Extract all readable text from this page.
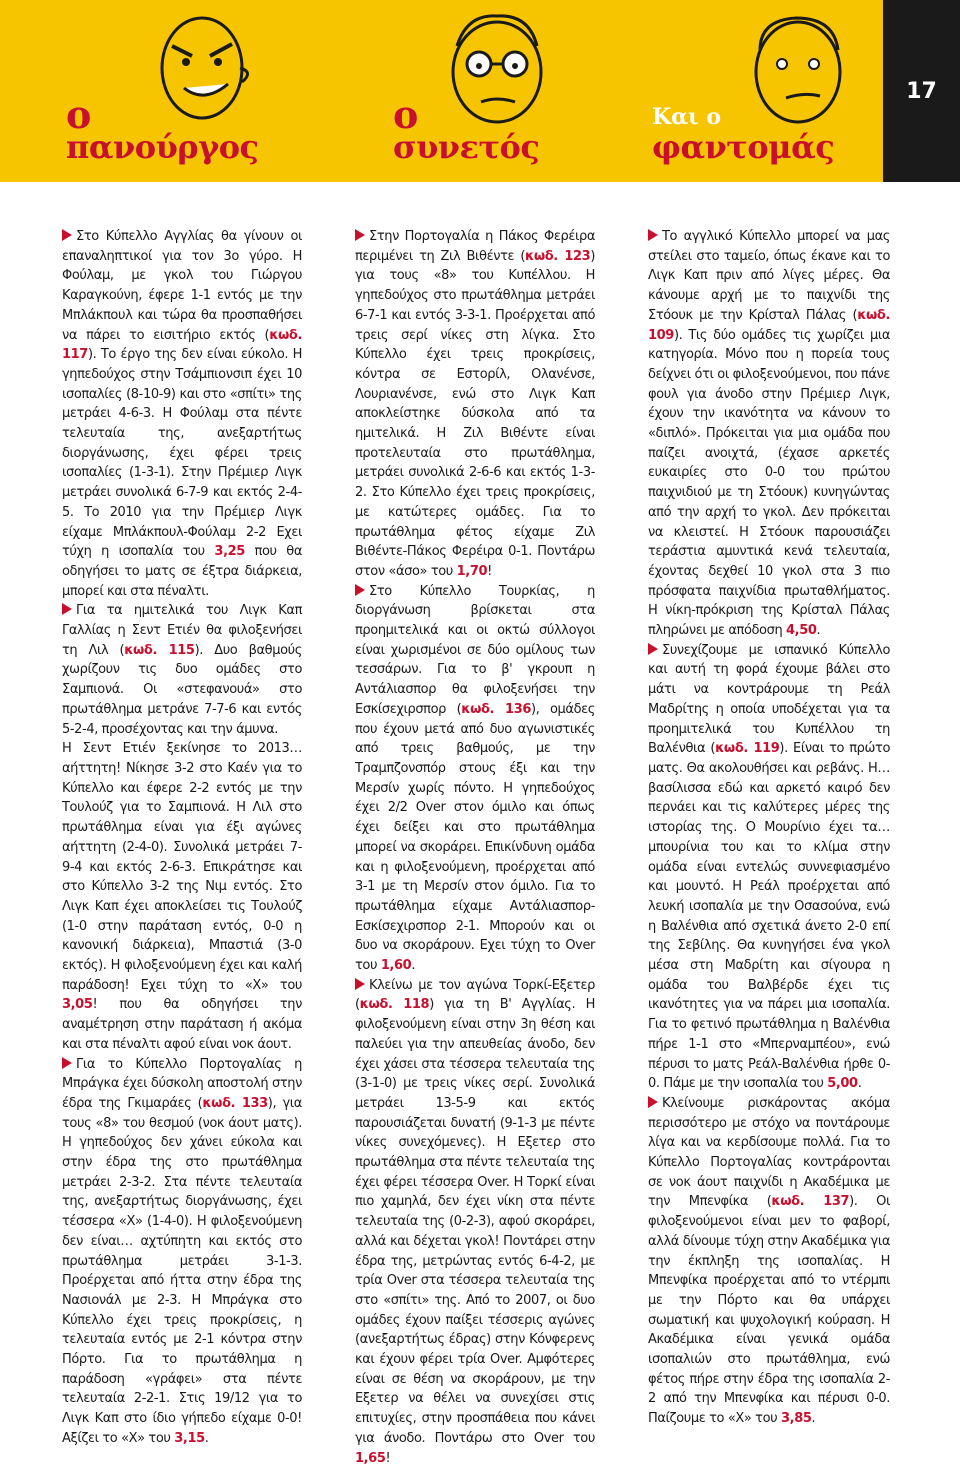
ο
πανούργος
ο
συνετός
Και ο
φαντομάς
17

Στο Κύπελλο Αγγλίας θα γίνουν οι επαναληπτικοί για τον 3ο γύρο. Η Φούλαμ, με γκολ του Γιώργου Καραγκούνη, έφερε 1-1 εντός με την Μπλάκπουλ και τώρα θα προσπαθήσει να πάρει το εισιτήριο εκτός (κωδ. 117). Το έργο της δεν είναι εύκολο. Η γηπεδούχος στην Τσάμπιονσιπ έχει 10 ισοπαλίες (8-10-9) και στο «σπίτι» της μετράει 4-6-3. Η Φούλαμ στα πέντε τελευταία της, ανεξαρτήτως διοργάνωσης, έχει φέρει τρεις ισοπαλίες (1-3-1). Στην Πρέμιερ Λιγκ μετράει συνολικά 6-7-9 και εκτός 2-4-5. Το 2010 για την Πρέμιερ Λιγκ είχαμε Μπλάκπουλ-Φούλαμ 2-2 Εχει τύχη η ισοπαλία του 3,25 που θα οδηγήσει το ματς σε έξτρα διάρκεια, μπορεί και στα πέναλτι.

Για τα ημιτελικά του Λιγκ Καπ Γαλλίας η Σεντ Ετιέν θα φιλοξενήσει τη Λιλ (κωδ. 115). Δυο βαθμούς χωρίζουν τις δυο ομάδες στο Σαμπιονά. Οι «στεφανουά» στο πρωτάθλημα μετράνε 7-7-6 και εντός 5-2-4, προσέχοντας και την άμυνα.

Η Σεντ Ετιέν ξεκίνησε το 2013… αήττητη! Νίκησε 3-2 στο Καέν για το Κύπελλο και έφερε 2-2 εντός με την Τουλούζ για το Σαμπιονά. Η Λιλ στο πρωτάθλημα είναι για έξι αγώνες αήττητη (2-4-0). Συνολικά μετράει 7-9-4 και εκτός 2-6-3. Επικράτησε και στο Κύπελλο 3-2 της Νιμ εντός. Στο Λιγκ Καπ έχει αποκλείσει τις Τουλούζ (1-0 στην παράταση εντός, 0-0 η κανονική διάρκεια), Μπαστιά (3-0 εκτός). Η φιλοξενούμενη έχει και καλή παράδοση! Εχει τύχη το «Χ» του 3,05! που θα οδηγήσει την αναμέτρηση στην παράταση ή ακόμα και στα πέναλτι αφού είναι νοκ άουτ.

Για το Κύπελλο Πορτογαλίας η Μπράγκα έχει δύσκολη αποστολή στην έδρα της Γκιμαράες (κωδ. 133), για τους «8» του θεσμού (νοκ άουτ ματς). Η γηπεδούχος δεν χάνει εύκολα και στην έδρα της στο πρωτάθλημα μετράει 2-3-2. Στα πέντε τελευταία της, ανεξαρτήτως διοργάνωσης, έχει τέσσερα «Χ» (1-4-0). Η φιλοξενούμενη δεν είναι… αχτύπητη και εκτός στο πρωτάθλημα μετράει 3-1-3. Προέρχεται από ήττα στην έδρα της Νασιονάλ με 2-3. Η Μπράγκα στο Κύπελλο έχει τρεις προκρίσεις, η τελευταία εντός με 2-1 κόντρα στην Πόρτο. Για το πρωτάθλημα η παράδοση «γράφει» στα πέντε τελευταία 2-2-1. Στις 19/12 για το Λιγκ Καπ στο ίδιο γήπεδο είχαμε 0-0! Αξίζει το «Χ» του 3,15.

Στην Πορτογαλία η Πάκος Φερέιρα περιμένει τη Ζιλ Βιθέντε (κωδ. 123) για τους «8» του Κυπέλλου. Η γηπεδούχος στο πρωτάθλημα μετράει 6-7-1 και εντός 3-3-1. Προέρχεται από τρεις σερί νίκες στη λίγκα. Στο Κύπελλο έχει τρεις προκρίσεις, κόντρα σε Εστορίλ, Ολανένσε, Λουριανένσε, ενώ στο Λιγκ Καπ αποκλείστηκε δύσκολα από τα ημιτελικά. Η Ζιλ Βιθέντε είναι προτελευταία στο πρωτάθλημα, μετράει συνολικά 2-6-6 και εκτός 1-3-2. Στο Κύπελλο έχει τρεις προκρίσεις, με κατώτερες ομάδες. Για το πρωτάθλημα φέτος είχαμε Ζιλ Βιθέντε-Πάκος Φερέιρα 0-1. Ποντάρω στον «άσο» του 1,70!

Στο Κύπελλο Τουρκίας, η διοργάνωση βρίσκεται στα προημιτελικά και οι οκτώ σύλλογοι είναι χωρισμένοι σε δύο ομίλους των τεσσάρων. Για το β' γκρουπ η Αντάλιασπορ θα φιλοξενήσει την Εσκίσεχιρσπορ (κωδ. 136), ομάδες που έχουν μετά από δυο αγωνιστικές από τρεις βαθμούς, με την Τραμπζονσπόρ στους έξι και την Μερσίν χωρίς πόντο. Η γηπεδούχος έχει 2/2 Over στον όμιλο και όπως έχει δείξει και στο πρωτάθλημα μπορεί να σκοράρει. Επικίνδυνη ομάδα και η φιλοξενούμενη, προέρχεται από 3-1 με τη Μερσίν στον όμιλο. Για το πρωτάθλημα είχαμε Αντάλιασπορ-Εσκίσεχιρσπορ 2-1. Μπορούν και οι δυο να σκοράρουν. Εχει τύχη το Over του 1,60.

Κλείνω με τον αγώνα Τορκί-Εξετερ (κωδ. 118) για τη Β' Αγγλίας. Η φιλοξενούμενη είναι στην 3η θέση και παλεύει για την απευθείας άνοδο, δεν έχει χάσει στα τέσσερα τελευταία της (3-1-0) με τρεις νίκες σερί. Συνολικά μετράει 13-5-9 και εκτός παρουσιάζεται δυνατή (9-1-3 με πέντε νίκες συνεχόμενες). Η Εξετερ στο πρωτάθλημα στα πέντε τελευταία της έχει φέρει τέσσερα Over. Η Τορκί είναι πιο χαμηλά, δεν έχει νίκη στα πέντε τελευταία της (0-2-3), αφού σκοράρει, αλλά και δέχεται γκολ! Ποντάρει στην έδρα της, μετρώντας εντός 6-4-2, με τρία Over στα τέσσερα τελευταία της στο «σπίτι» της. Από το 2007, οι δυο ομάδες έχουν παίξει τέσσερις αγώνες (ανεξαρτήτως έδρας) στην Κόνφερενς και έχουν φέρει τρία Over. Αμφότερες είναι σε θέση να σκοράρουν, με την Εξετερ να θέλει να συνεχίσει στις επιτυχίες, στην προσπάθεια που κάνει για άνοδο. Ποντάρω στο Over του 1,65!

Το αγγλικό Κύπελλο μπορεί να μας στείλει στο ταμείο, όπως έκανε και το Λιγκ Καπ πριν από λίγες μέρες. Θα κάνουμε αρχή με το παιχνίδι της Στόουκ με την Κρίσταλ Πάλας (κωδ. 109). Τις δύο ομάδες τις χωρίζει μια κατηγορία. Μόνο που η πορεία τους δείχνει ότι οι φιλοξενούμενοι, που πάνε φουλ για άνοδο στην Πρέμιερ Λιγκ, έχουν την ικανότητα να κάνουν το «διπλό». Πρόκειται για μια ομάδα που παίζει ανοιχτά, (έχασε αρκετές ευκαιρίες στο 0-0 του πρώτου παιχνιδιού με τη Στόουκ) κυνηγώντας από την αρχή το γκολ. Δεν πρόκειται να κλειστεί. Η Στόουκ παρουσιάζει τεράστια αμυντικά κενά τελευταία, έχοντας δεχθεί 10 γκολ στα 3 πιο πρόσφατα παιχνίδια πρωταθλήματος. Η νίκη-πρόκριση της Κρίσταλ Πάλας πληρώνει με απόδοση 4,50.

Συνεχίζουμε με ισπανικό Κύπελλο και αυτή τη φορά έχουμε βάλει στο μάτι να κοντράρουμε τη Ρεάλ Μαδρίτης η οποία υποδέχεται για τα προημιτελικά του Κυπέλλου τη Βαλένθια (κωδ. 119). Είναι το πρώτο ματς. Θα ακολουθήσει και ρεβάνς. Η… βασίλισσα εδώ και αρκετό καιρό δεν περνάει και τις καλύτερες μέρες της ιστορίας της. Ο Μουρίνιο έχει τα… μπουρίνια του και το κλίμα στην ομάδα είναι εντελώς συννεφιασμένο και μουντό. Η Ρεάλ προέρχεται από λευκή ισοπαλία με την Οσασούνα, ενώ η Βαλένθια από σχετικά άνετο 2-0 επί της Σεβίλης. Θα κυνηγήσει ένα γκολ μέσα στη Μαδρίτη και σίγουρα η ομάδα του Βαλβέρδε έχει τις ικανότητες για να πάρει μια ισοπαλία. Για το φετινό πρωτάθλημα η Βαλένθια πήρε 1-1 στο «Μπερναμπέου», ενώ πέρυσι το ματς Ρεάλ-Βαλένθια ήρθε 0-0. Πάμε με την ισοπαλία του 5,00.

Κλείνουμε ρισκάροντας ακόμα περισσότερο με στόχο να ποντάρουμε λίγα και να κερδίσουμε πολλά. Για το Κύπελλο Πορτογαλίας κοντράρονται σε νοκ άουτ παιχνίδι η Ακαδέμικα με την Μπενφίκα (κωδ. 137). Οι φιλοξενούμενοι είναι μεν το φαβορί, αλλά δίνουμε τύχη στην Ακαδέμικα για την έκπληξη της ισοπαλίας. Η Μπενφίκα προέρχεται από το ντέρμπι με την Πόρτο και θα υπάρχει σωματική και ψυχολογική κούραση. Η Ακαδέμικα είναι γενικά ομάδα ισοπαλιών στο πρωτάθλημα, ενώ φέτος πήρε στην έδρα της ισοπαλία 2-2 από την Μπενφίκα και πέρυσι 0-0. Παίζουμε το «Χ» του 3,85.
